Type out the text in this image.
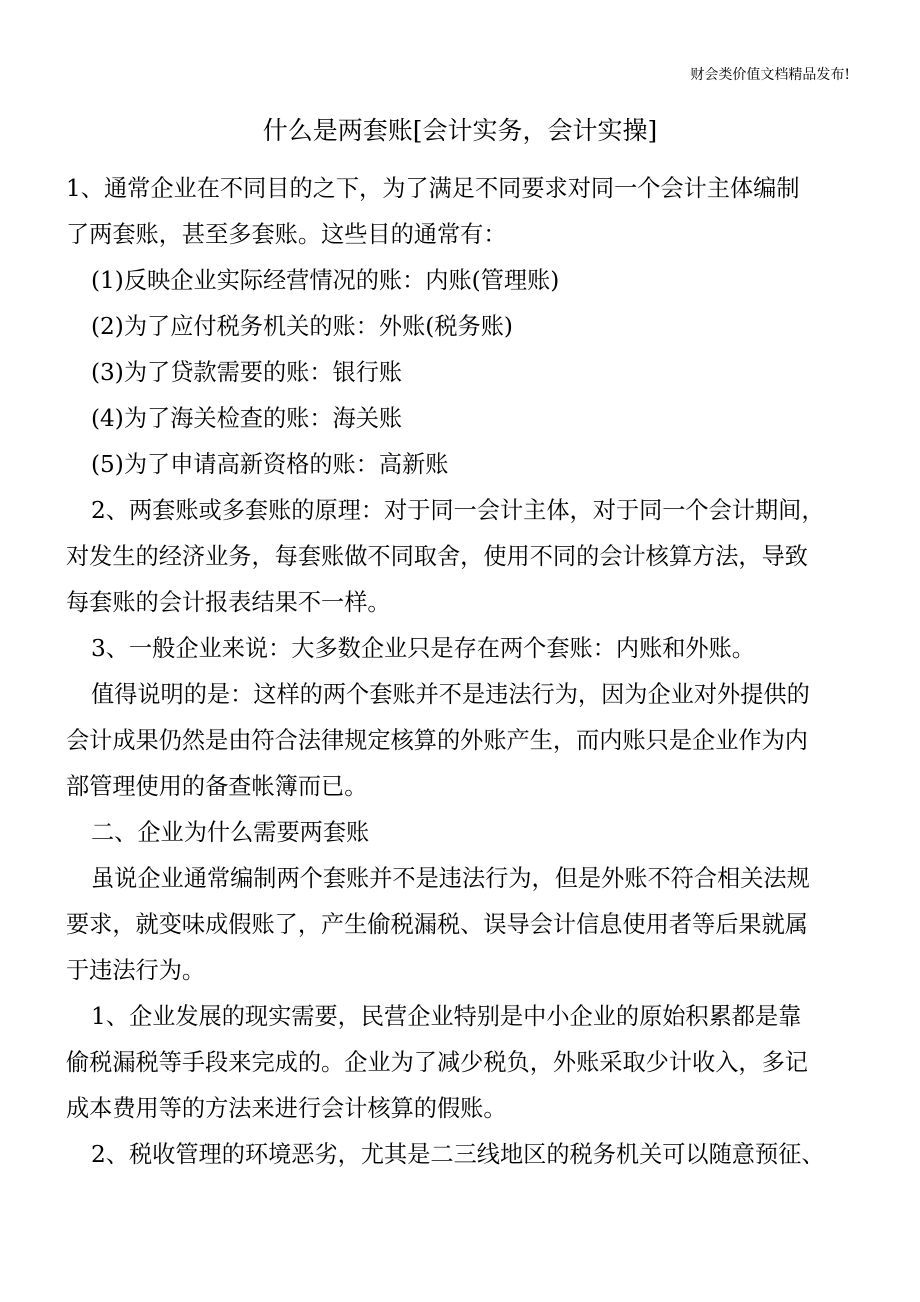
财会类价值文档精品发布!
什么是两套账[会计实务，会计实操]

1、通常企业在不同目的之下，为了满足不同要求对同一个会计主体编制

了两套账，甚至多套账。这些目的通常有：

(1)反映企业实际经营情况的账：内账(管理账)

(2)为了应付税务机关的账：外账(税务账)

(3)为了贷款需要的账：银行账

(4)为了海关检查的账：海关账

(5)为了申请高新资格的账：高新账

2、两套账或多套账的原理：对于同一会计主体，对于同一个会计期间，

对发生的经济业务，每套账做不同取舍，使用不同的会计核算方法，导致

每套账的会计报表结果不一样。

3、一般企业来说：大多数企业只是存在两个套账：内账和外账。

值得说明的是：这样的两个套账并不是违法行为，因为企业对外提供的

会计成果仍然是由符合法律规定核算的外账产生，而内账只是企业作为内

部管理使用的备查帐簿而已。

二、企业为什么需要两套账

虽说企业通常编制两个套账并不是违法行为，但是外账不符合相关法规

要求，就变味成假账了，产生偷税漏税、误导会计信息使用者等后果就属

于违法行为。

1、企业发展的现实需要，民营企业特别是中小企业的原始积累都是靠

偷税漏税等手段来完成的。企业为了减少税负，外账采取少计收入，多记

成本费用等的方法来进行会计核算的假账。

2、税收管理的环境恶劣，尤其是二三线地区的税务机关可以随意预征、
